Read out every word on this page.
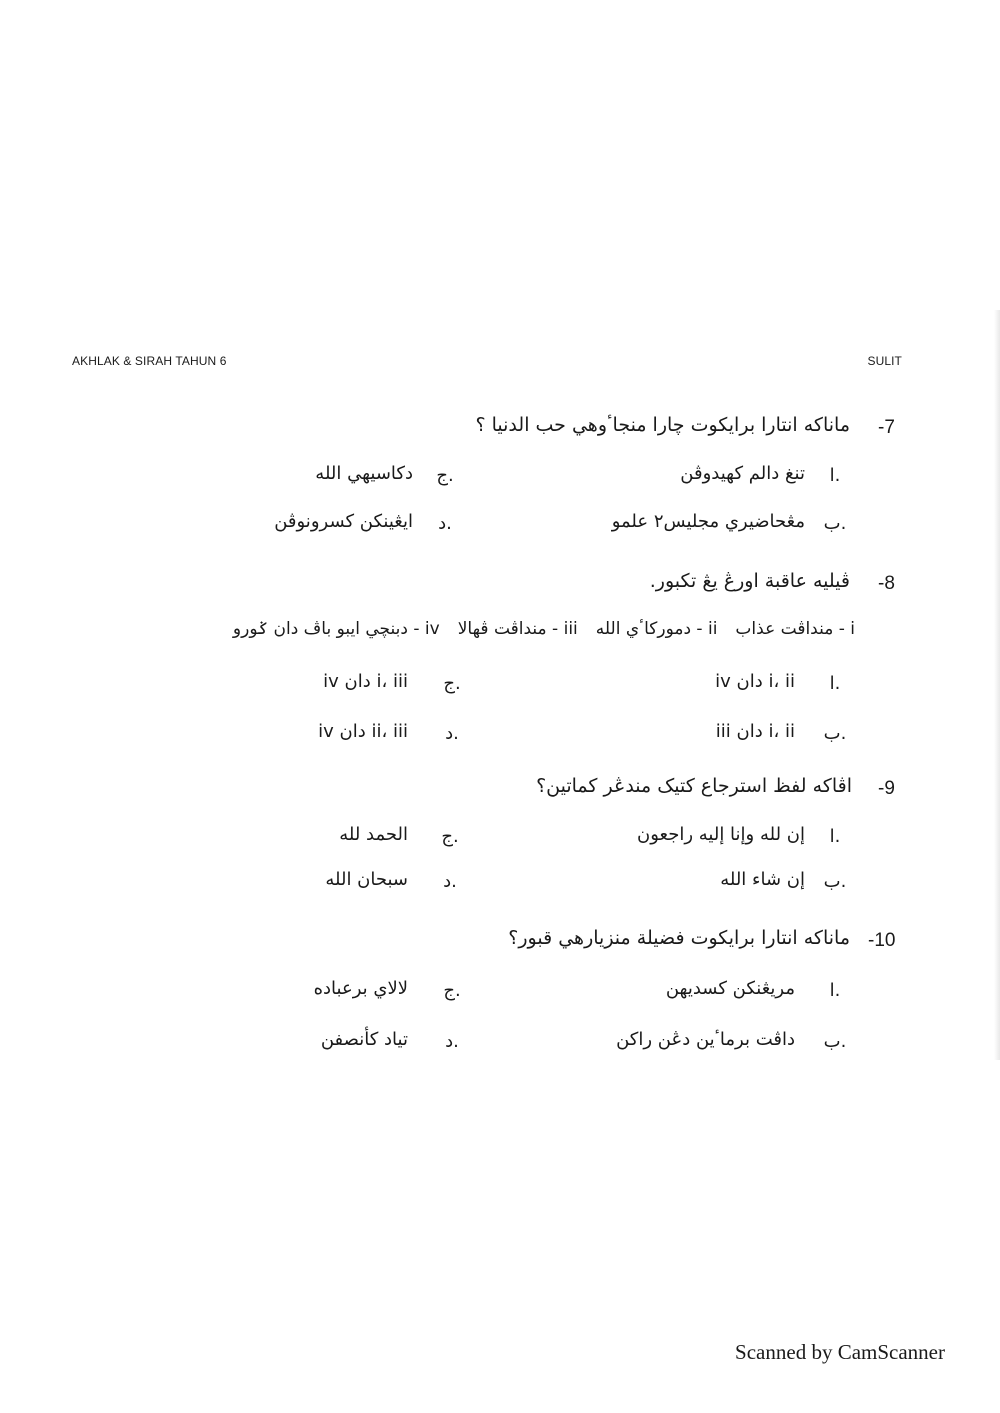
AKHLAK & SIRAH TAHUN 6	SULIT
-7
ماناكه انتارا برايكوت چارا منجاٴوهي حب الدنيا ؟
ا.
تنغ دالم كهيدوڤن
ج.
دكاسيهي الله
ب.
مڠحاضيري مجليس٢ علمو
د.
ايڠينكن كسرونوڤن
-8
ڤيليه عاقبة اورڠ يڠ تكبور.
i - منداڤت عذابii - دموركاٴي اللهiii - منداڤت ڤهالاiv - دبنچي ايبو باڤ دان ݢورو
ا.
i، ii دان iv
ج.
i، iii دان iv
ب.
i، ii دان iii
د.
ii، iii دان iv
-9
اڤاكه لفظ استرجاع كتيک مندڠر كماتين؟
ا.
إن لله وإنا إليه راجعون
ج.
الحمد لله
ب.
إن شاء الله
د.
سبحان الله
-10
ماناكه انتارا برايكوت فضيلة منزيارهي قبور؟
ا.
مريڠنكن كسديهن
ج.
لالاي برعباده
ب.
داڤت برماٴين دڠن راكن
د.
تياد كأنصفن
Scanned by CamScanner
